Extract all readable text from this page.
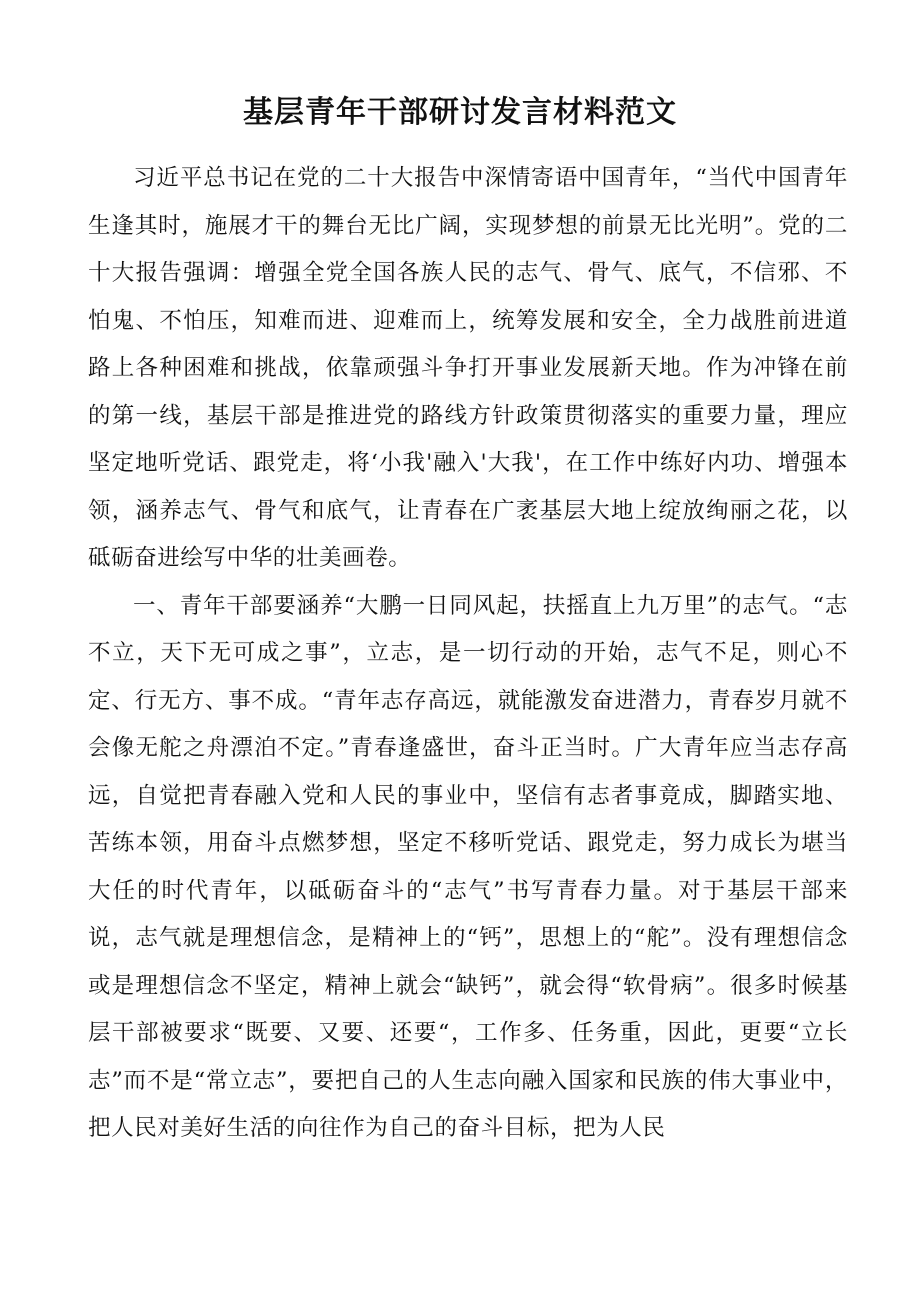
基层青年干部研讨发言材料范文

习近平总书记在党的二十大报告中深情寄语中国青年，“当代中国青年生逢其时，施展才干的舞台无比广阔，实现梦想的前景无比光明”。党的二十大报告强调：增强全党全国各族人民的志气、骨气、底气，不信邪、不怕鬼、不怕压，知难而进、迎难而上，统筹发展和安全，全力战胜前进道路上各种困难和挑战，依靠顽强斗争打开事业发展新天地。作为冲锋在前的第一线，基层干部是推进党的路线方针政策贯彻落实的重要力量，理应坚定地听党话、跟党走，将‘小我'融入'大我'，在工作中练好内功、增强本领，涵养志气、骨气和底气，让青春在广袤基层大地上绽放绚丽之花，以砥砺奋进绘写中华的壮美画卷。

一、青年干部要涵养“大鹏一日同风起，扶摇直上九万里”的志气。“志不立，天下无可成之事”，立志，是一切行动的开始，志气不足，则心不定、行无方、事不成。“青年志存高远，就能激发奋进潜力，青春岁月就不会像无舵之舟漂泊不定。”青春逢盛世，奋斗正当时。广大青年应当志存高远，自觉把青春融入党和人民的事业中，坚信有志者事竟成，脚踏实地、苦练本领，用奋斗点燃梦想，坚定不移听党话、跟党走，努力成长为堪当大任的时代青年，以砥砺奋斗的“志气”书写青春力量。对于基层干部来说，志气就是理想信念，是精神上的“钙”，思想上的“舵”。没有理想信念或是理想信念不坚定，精神上就会“缺钙”，就会得“软骨病”。很多时候基层干部被要求“既要、又要、还要“，工作多、任务重，因此，更要“立长志”而不是“常立志”，要把自己的人生志向融入国家和民族的伟大事业中，把人民对美好生活的向往作为自己的奋斗目标，把为人民
